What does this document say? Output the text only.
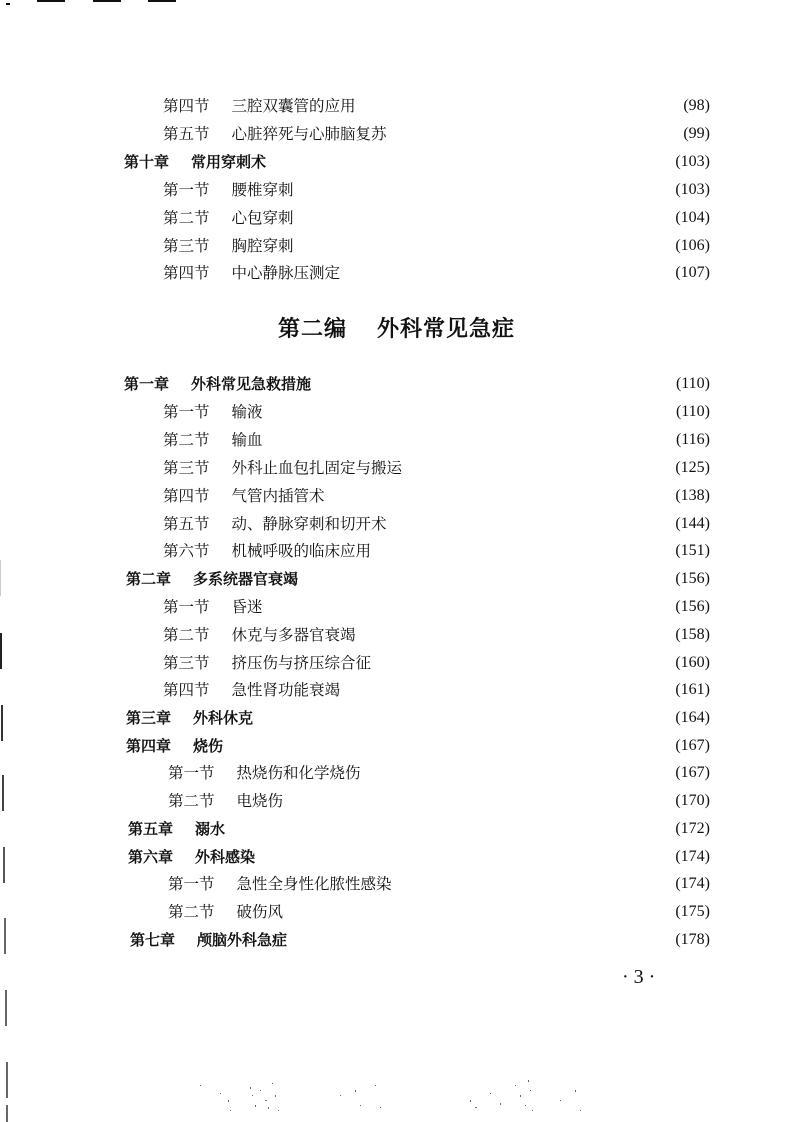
第四节 三腔双囊管的应用	(98)
第五节 心脏猝死与心肺脑复苏	(99)
第十章 常用穿刺术	(103)
第一节 腰椎穿刺	(103)
第二节 心包穿刺	(104)
第三节 胸腔穿刺	(106)
第四节 中心静脉压测定	(107)
第二编 外科常见急症
第一章 外科常见急救措施	(110)
第一节 输液	(110)
第二节 输血	(116)
第三节 外科止血包扎固定与搬运	(125)
第四节 气管内插管术	(138)
第五节 动、静脉穿刺和切开术	(144)
第六节 机械呼吸的临床应用	(151)
第二章 多系统器官衰竭	(156)
第一节 昏迷	(156)
第二节 休克与多器官衰竭	(158)
第三节 挤压伤与挤压综合征	(160)
第四节 急性肾功能衰竭	(161)
第三章 外科休克	(164)
第四章 烧伤	(167)
第一节 热烧伤和化学烧伤	(167)
第二节 电烧伤	(170)
第五章 溺水	(172)
第六章 外科感染	(174)
第一节 急性全身性化脓性感染	(174)
第二节 破伤风	(175)
第七章 颅脑外科急症	(178)
· 3 ·
